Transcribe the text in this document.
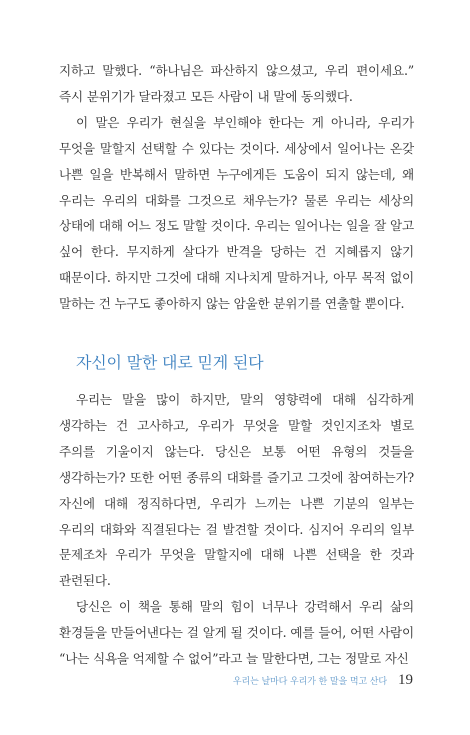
지하고 말했다. “하나님은 파산하지 않으셨고, 우리 편이세요.” 즉시 분위기가 달라졌고 모든 사람이 내 말에 동의했다.

이 말은 우리가 현실을 부인해야 한다는 게 아니라, 우리가 무엇을 말할지 선택할 수 있다는 것이다. 세상에서 일어나는 온갖 나쁜 일을 반복해서 말하면 누구에게든 도움이 되지 않는데, 왜 우리는 우리의 대화를 그것으로 채우는가? 물론 우리는 세상의 상태에 대해 어느 정도 말할 것이다. 우리는 일어나는 일을 잘 알고 싶어 한다. 무지하게 살다가 반격을 당하는 건 지혜롭지 않기 때문이다. 하지만 그것에 대해 지나치게 말하거나, 아무 목적 없이 말하는 건 누구도 좋아하지 않는 암울한 분위기를 연출할 뿐이다.

자신이 말한 대로 믿게 된다

우리는 말을 많이 하지만, 말의 영향력에 대해 심각하게 생각하는 건 고사하고, 우리가 무엇을 말할 것인지조차 별로 주의를 기울이지 않는다. 당신은 보통 어떤 유형의 것들을 생각하는가? 또한 어떤 종류의 대화를 즐기고 그것에 참여하는가? 자신에 대해 정직하다면, 우리가 느끼는 나쁜 기분의 일부는 우리의 대화와 직결된다는 걸 발견할 것이다. 심지어 우리의 일부 문제조차 우리가 무엇을 말할지에 대해 나쁜 선택을 한 것과 관련된다.

당신은 이 책을 통해 말의 힘이 너무나 강력해서 우리 삶의 환경들을 만들어낸다는 걸 알게 될 것이다. 예를 들어, 어떤 사람이 “나는 식욕을 억제할 수 없어”라고 늘 말한다면, 그는 정말로 자신

우리는 날마다 우리가 한 말을 먹고 산다 19
